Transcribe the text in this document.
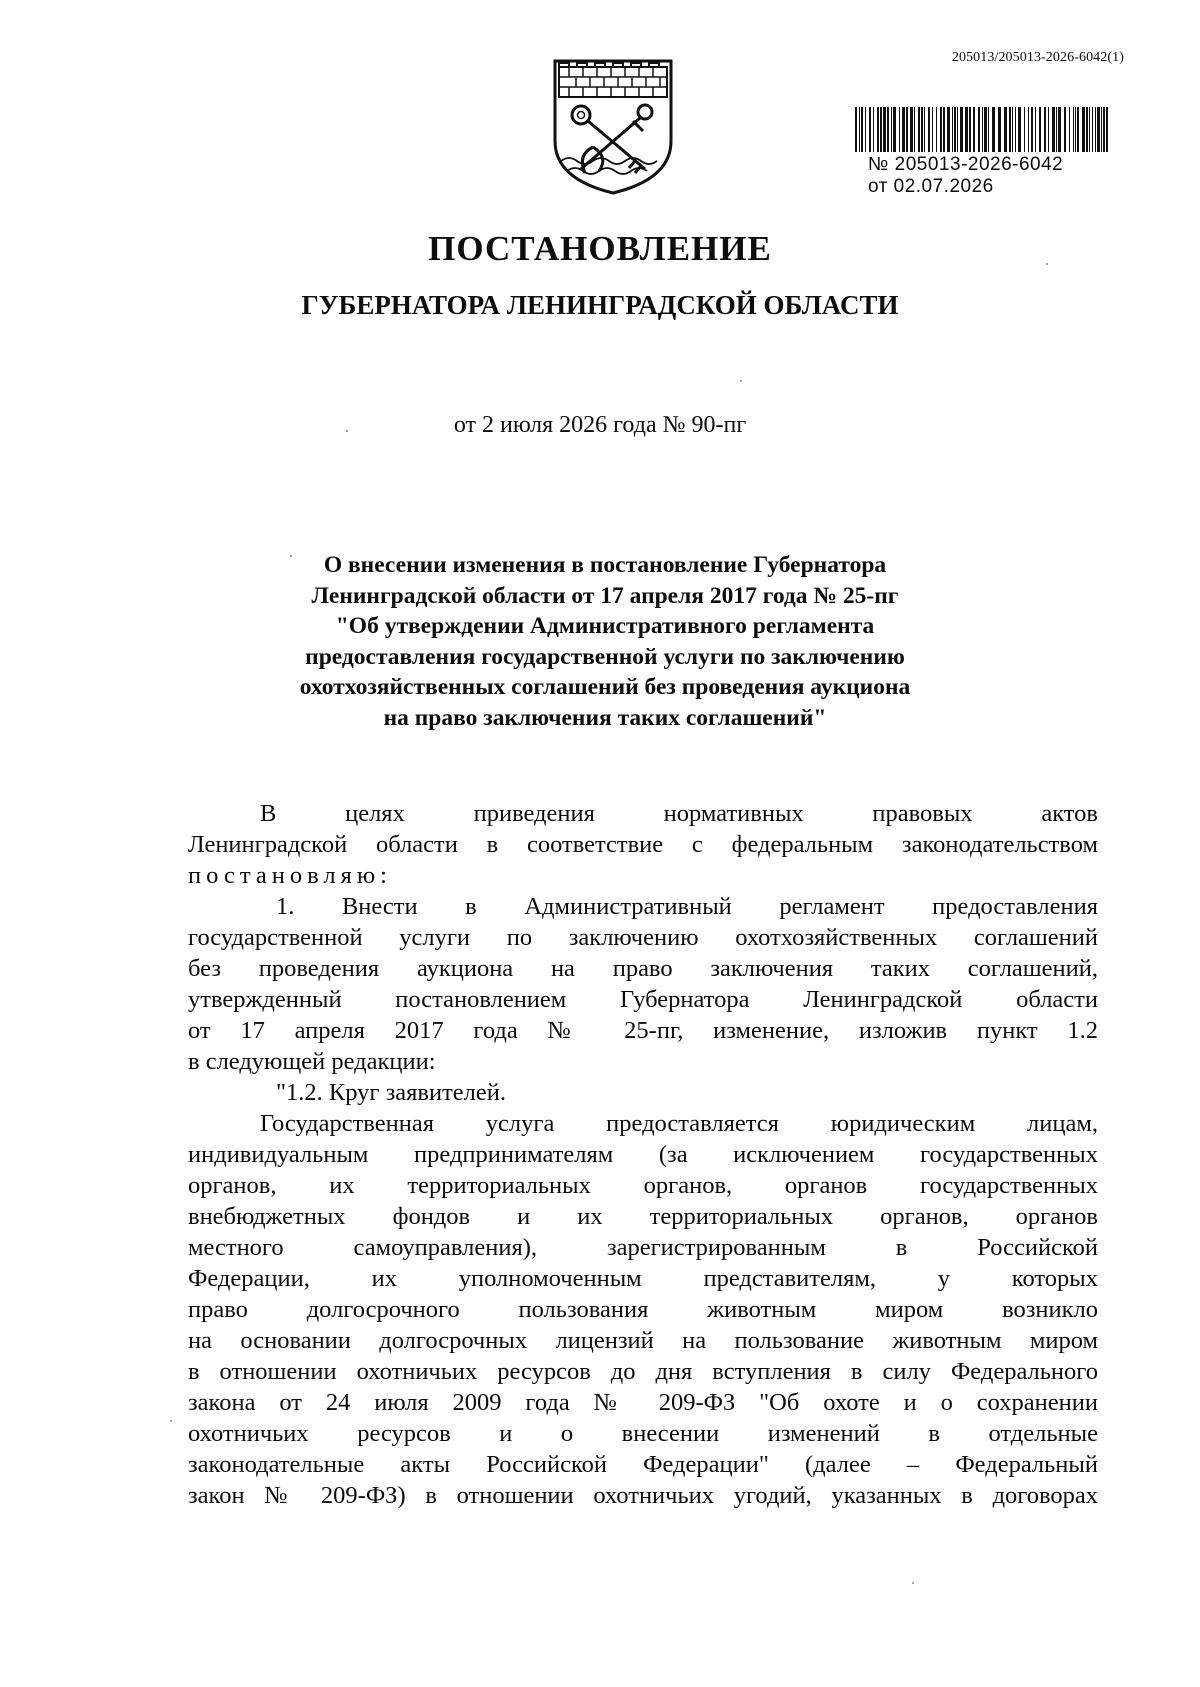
205013/205013-2026-6042(1)
№ 205013-2026-6042
от 02.07.2026
ПОСТАНОВЛЕНИЕ
ГУБЕРНАТОРА ЛЕНИНГРАДСКОЙ ОБЛАСТИ
от 2 июля 2026 года № 90-пг
О внесении изменения в постановление Губернатора
Ленинградской области от 17 апреля 2017 года № 25-пг
"Об утверждении Административного регламента
предоставления государственной услуги по заключению
охотхозяйственных соглашений без проведения аукциона
на право заключения таких соглашений"
В целях приведения нормативных правовых актов
Ленинградской области в соответствие с федеральным законодательством
постановляю:
1. Внести в Административный регламент предоставления
государственной услуги по заключению охотхозяйственных соглашений
без проведения аукциона на право заключения таких соглашений,
утвержденный постановлением Губернатора Ленинградской области
от 17 апреля 2017 года № 25-пг, изменение, изложив пункт 1.2
в следующей редакции:
"1.2. Круг заявителей.
Государственная услуга предоставляется юридическим лицам,
индивидуальным предпринимателям (за исключением государственных
органов, их территориальных органов, органов государственных
внебюджетных фондов и их территориальных органов, органов
местного самоуправления), зарегистрированным в Российской
Федерации, их уполномоченным представителям, у которых
право долгосрочного пользования животным миром возникло
на основании долгосрочных лицензий на пользование животным миром
в отношении охотничьих ресурсов до дня вступления в силу Федерального
закона от 24 июля 2009 года № 209-ФЗ "Об охоте и о сохранении
охотничьих ресурсов и о внесении изменений в отдельные
законодательные акты Российской Федерации" (далее – Федеральный
закон № 209-ФЗ) в отношении охотничьих угодий, указанных в договорах
